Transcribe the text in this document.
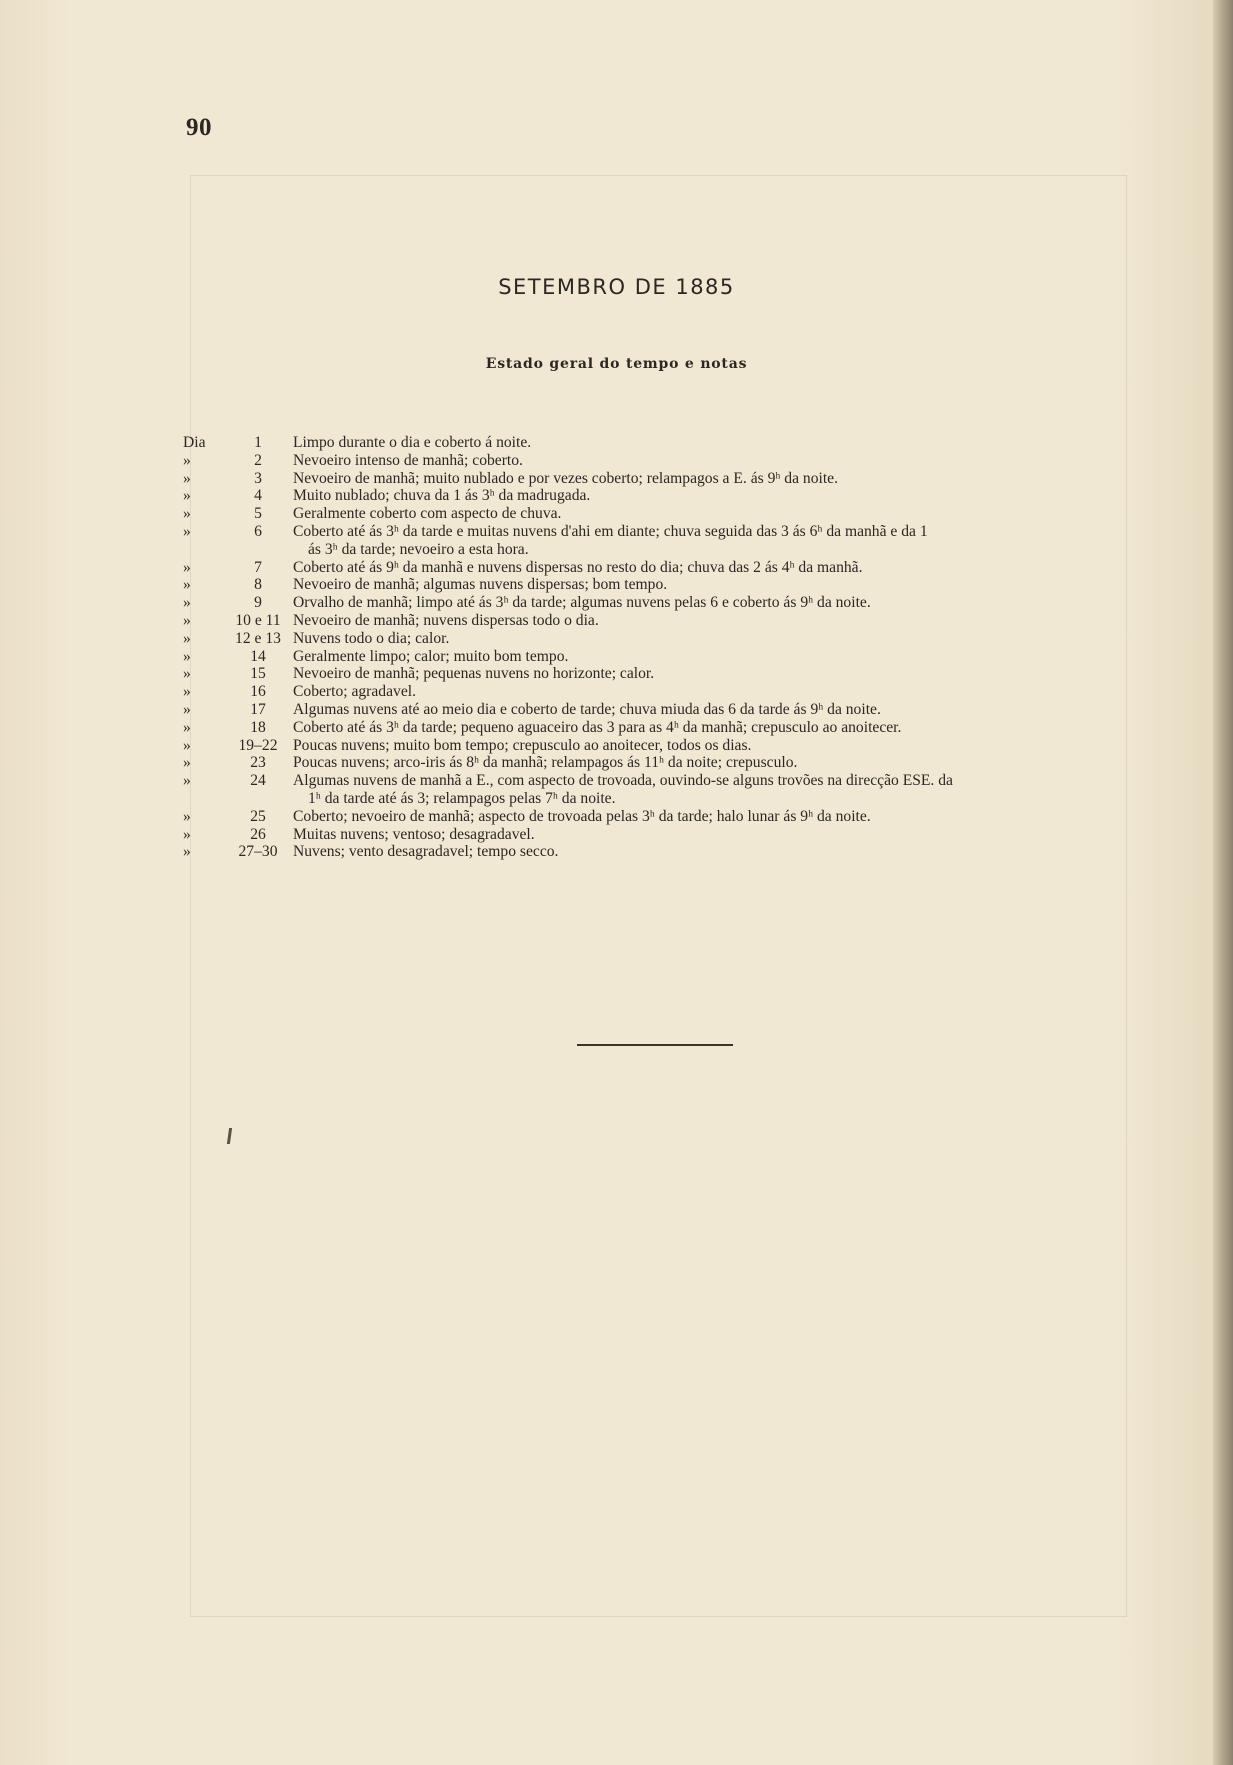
90
SETEMBRO DE 1885
Estado geral do tempo e notas
Dia	1	Limpo durante o dia e coberto á noite.
»	2	Nevoeiro intenso de manhã; coberto.
»	3	Nevoeiro de manhã; muito nublado e por vezes coberto; relampagos a E. ás 9ʰ da noite.
»	4	Muito nublado; chuva da 1 ás 3ʰ da madrugada.
»	5	Geralmente coberto com aspecto de chuva.
»	6	Coberto até ás 3ʰ da tarde e muitas nuvens d'ahi em diante; chuva seguida das 3 ás 6ʰ da manhã e da 1
ás 3ʰ da tarde; nevoeiro a esta hora.
»	7	Coberto até ás 9ʰ da manhã e nuvens dispersas no resto do dia; chuva das 2 ás 4ʰ da manhã.
»	8	Nevoeiro de manhã; algumas nuvens dispersas; bom tempo.
»	9	Orvalho de manhã; limpo até ás 3ʰ da tarde; algumas nuvens pelas 6 e coberto ás 9ʰ da noite.
»	10 e 11 Nevoeiro de manhã; nuvens dispersas todo o dia.
»	12 e 13 Nuvens todo o dia; calor.
»	14	Geralmente limpo; calor; muito bom tempo.
»	15	Nevoeiro de manhã; pequenas nuvens no horizonte; calor.
»	16	Coberto; agradavel.
»	17	Algumas nuvens até ao meio dia e coberto de tarde; chuva miuda das 6 da tarde ás 9ʰ da noite.
»	18	Coberto até ás 3ʰ da tarde; pequeno aguaceiro das 3 para as 4ʰ da manhã; crepusculo ao anoitecer.
»	19–22 Poucas nuvens; muito bom tempo; crepusculo ao anoitecer, todos os dias.
»	23	Poucas nuvens; arco-iris ás 8ʰ da manhã; relampagos ás 11ʰ da noite; crepusculo.
»	24	Algumas nuvens de manhã a E., com aspecto de trovoada, ouvindo-se alguns trovões na direcção ESE. da
1ʰ da tarde até ás 3; relampagos pelas 7ʰ da noite.
»	25	Coberto; nevoeiro de manhã; aspecto de trovoada pelas 3ʰ da tarde; halo lunar ás 9ʰ da noite.
»	26	Muitas nuvens; ventoso; desagradavel.
»	27–30 Nuvens; vento desagradavel; tempo secco.
